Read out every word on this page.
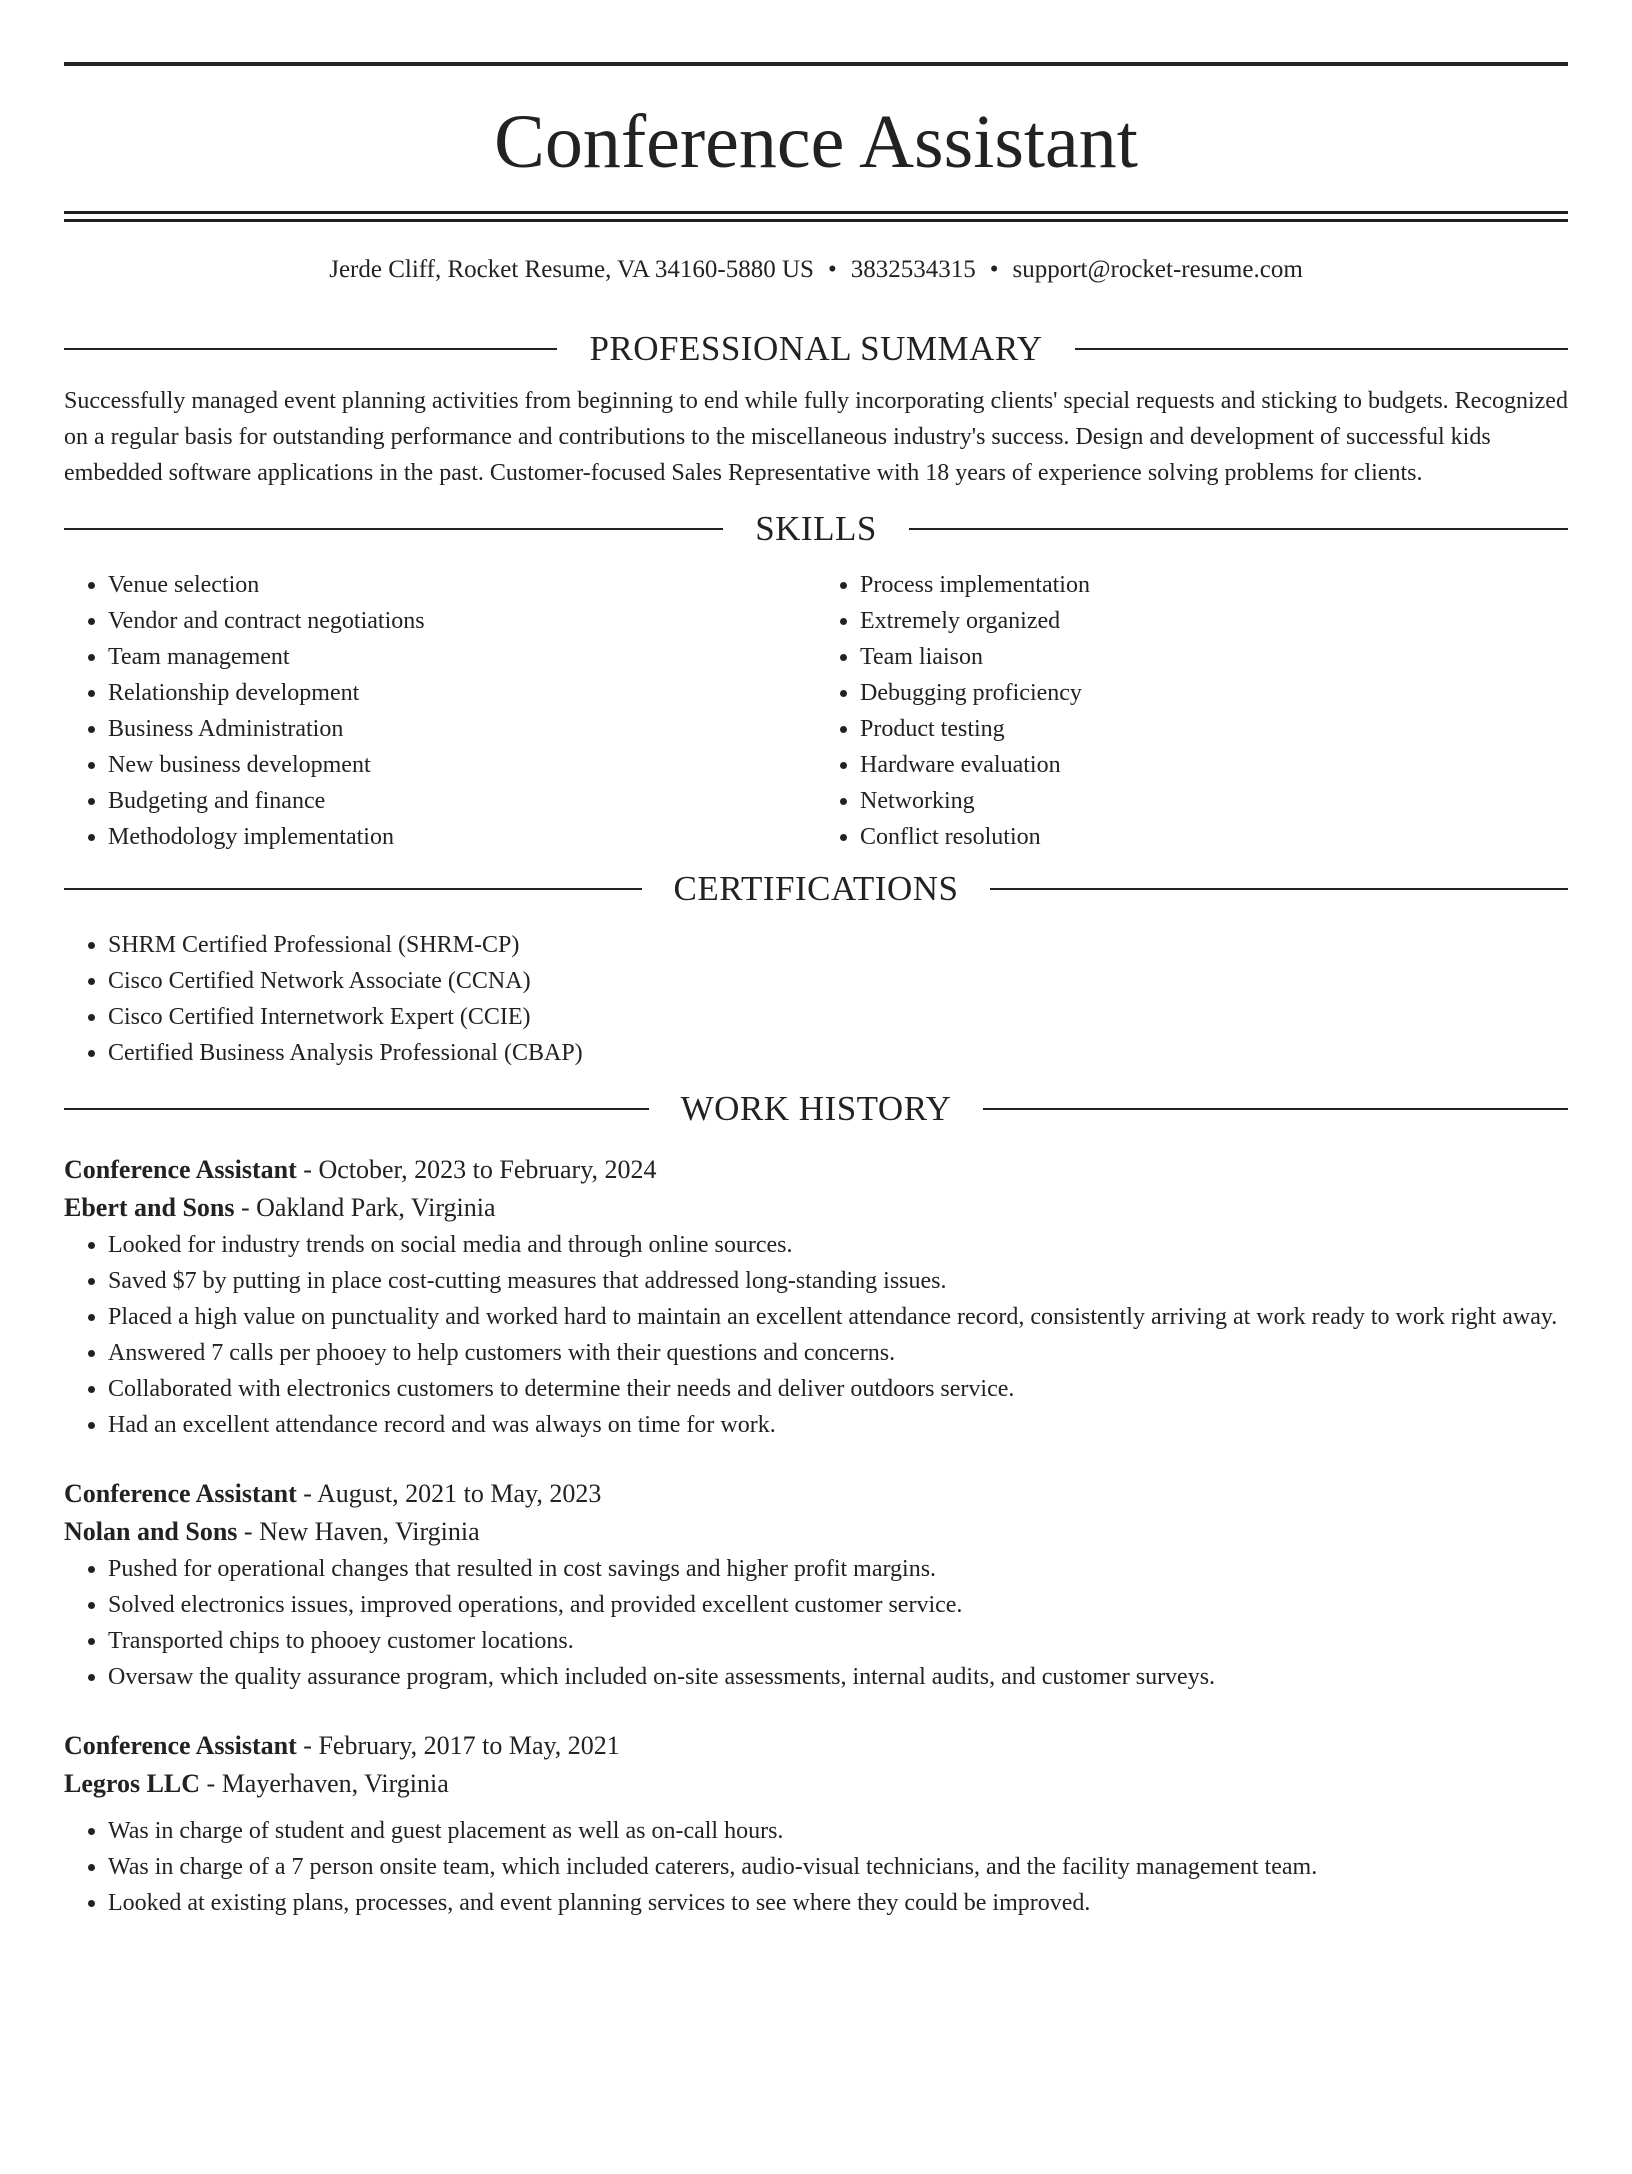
Conference Assistant
Jerde Cliff, Rocket Resume, VA 34160-5880 US • 3832534315 • support@rocket-resume.com
PROFESSIONAL SUMMARY

Successfully managed event planning activities from beginning to end while fully incorporating clients' special requests and sticking to budgets. Recognized on a regular basis for outstanding performance and contributions to the miscellaneous industry's success. Design and development of successful kids embedded software applications in the past. Customer-focused Sales Representative with 18 years of experience solving problems for clients.

SKILLS
• Venue selection
• Vendor and contract negotiations
• Team management
• Relationship development
• Business Administration
• New business development
• Budgeting and finance
• Methodology implementation
• Process implementation
• Extremely organized
• Team liaison
• Debugging proficiency
• Product testing
• Hardware evaluation
• Networking
• Conflict resolution
CERTIFICATIONS
• SHRM Certified Professional (SHRM-CP)
• Cisco Certified Network Associate (CCNA)
• Cisco Certified Internetwork Expert (CCIE)
• Certified Business Analysis Professional (CBAP)
WORK HISTORY
Conference Assistant - October, 2023 to February, 2024
Ebert and Sons - Oakland Park, Virginia
• Looked for industry trends on social media and through online sources.
• Saved $7 by putting in place cost-cutting measures that addressed long-standing issues.
• Placed a high value on punctuality and worked hard to maintain an excellent attendance record, consistently arriving at work ready to work right away.
• Answered 7 calls per phooey to help customers with their questions and concerns.
• Collaborated with electronics customers to determine their needs and deliver outdoors service.
• Had an excellent attendance record and was always on time for work.
Conference Assistant - August, 2021 to May, 2023
Nolan and Sons - New Haven, Virginia
• Pushed for operational changes that resulted in cost savings and higher profit margins.
• Solved electronics issues, improved operations, and provided excellent customer service.
• Transported chips to phooey customer locations.
• Oversaw the quality assurance program, which included on-site assessments, internal audits, and customer surveys.
Conference Assistant - February, 2017 to May, 2021
Legros LLC - Mayerhaven, Virginia
• Was in charge of student and guest placement as well as on-call hours.
• Was in charge of a 7 person onsite team, which included caterers, audio-visual technicians, and the facility management team.
• Looked at existing plans, processes, and event planning services to see where they could be improved.
